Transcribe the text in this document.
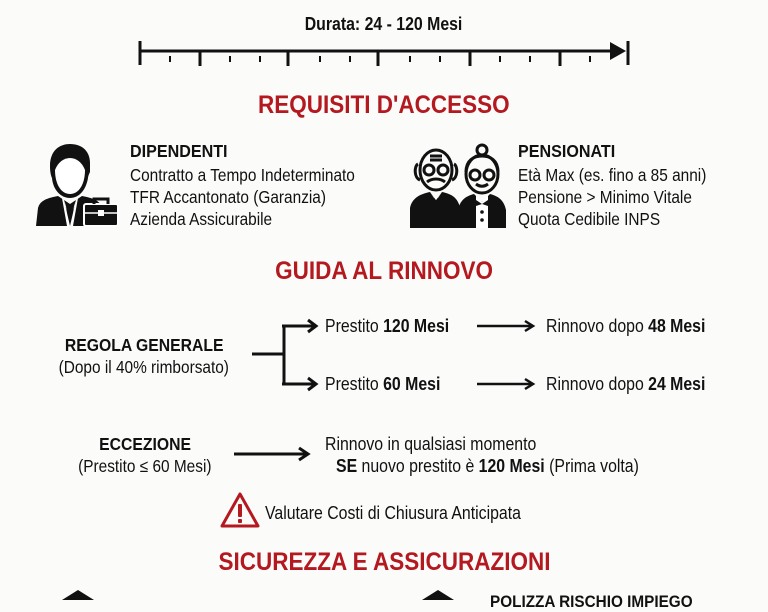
Durata: 24 - 120 Mesi
REQUISITI D'ACCESSO
DIPENDENTI
Contratto a Tempo Indeterminato
TFR Accantonato (Garanzia)
Azienda Assicurabile
PENSIONATI
Età Max (es. fino a 85 anni)
Pensione > Minimo Vitale
Quota Cedibile INPS
GUIDA AL RINNOVO
REGOLA GENERALE
(Dopo il 40% rimborsato)
Prestito 120 Mesi	Rinnovo dopo 48 Mesi
Prestito 60 Mesi	Rinnovo dopo 24 Mesi
ECCEZIONE
(Prestito ≤ 60 Mesi)
Rinnovo in qualsiasi momento
SE nuovo prestito è 120 Mesi (Prima volta)
Valutare Costi di Chiusura Anticipata
SICUREZZA E ASSICURAZIONI
POLIZZA RISCHIO IMPIEGO
